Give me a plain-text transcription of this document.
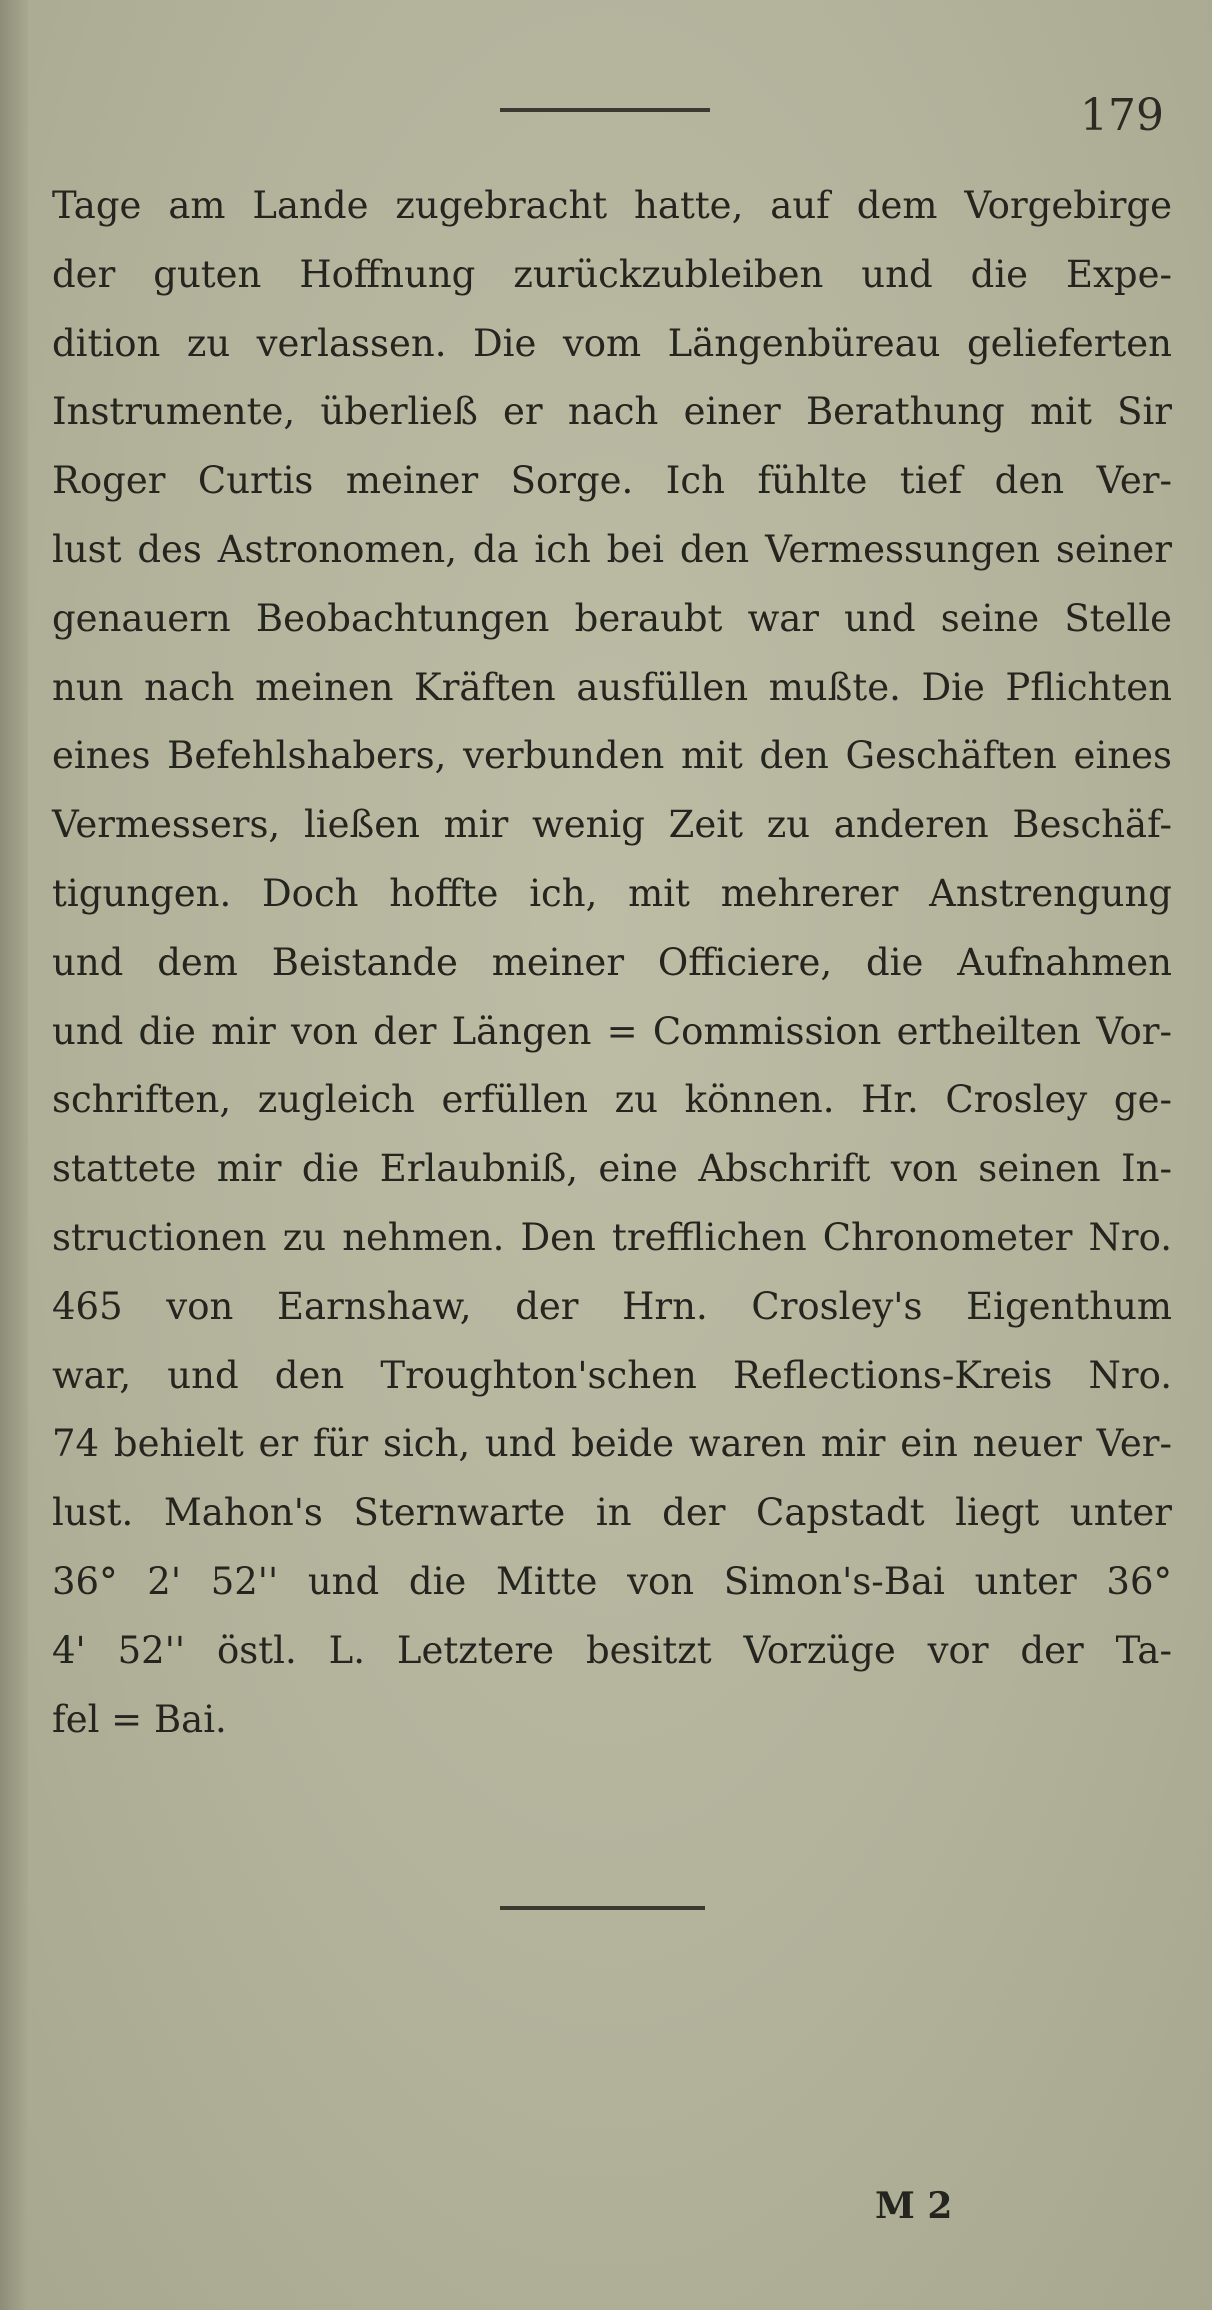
179
Tage am Lande zugebracht hatte, auf dem Vorgebirge
der guten Hoffnung zurückzubleiben und die Expe-
dition zu verlassen. Die vom Längenbüreau gelieferten
Instrumente, überließ er nach einer Berathung mit Sir
Roger Curtis meiner Sorge. Ich fühlte tief den Ver-
lust des Astronomen, da ich bei den Vermessungen seiner
genauern Beobachtungen beraubt war und seine Stelle
nun nach meinen Kräften ausfüllen mußte. Die Pflichten
eines Befehlshabers, verbunden mit den Geschäften eines
Vermessers, ließen mir wenig Zeit zu anderen Beschäf-
tigungen. Doch hoffte ich, mit mehrerer Anstrengung
und dem Beistande meiner Officiere, die Aufnahmen
und die mir von der Längen = Commission ertheilten Vor-
schriften, zugleich erfüllen zu können. Hr. Crosley ge-
stattete mir die Erlaubniß, eine Abschrift von seinen In-
structionen zu nehmen. Den trefflichen Chronometer Nro.
465 von Earnshaw, der Hrn. Crosley's Eigenthum
war, und den Troughton'schen Reflections-Kreis Nro.
74 behielt er für sich, und beide waren mir ein neuer Ver-
lust. Mahon's Sternwarte in der Capstadt liegt unter
36° 2' 52'' und die Mitte von Simon's-Bai unter 36°
4' 52'' östl. L. Letztere besitzt Vorzüge vor der Ta-
fel = Bai.
M 2
